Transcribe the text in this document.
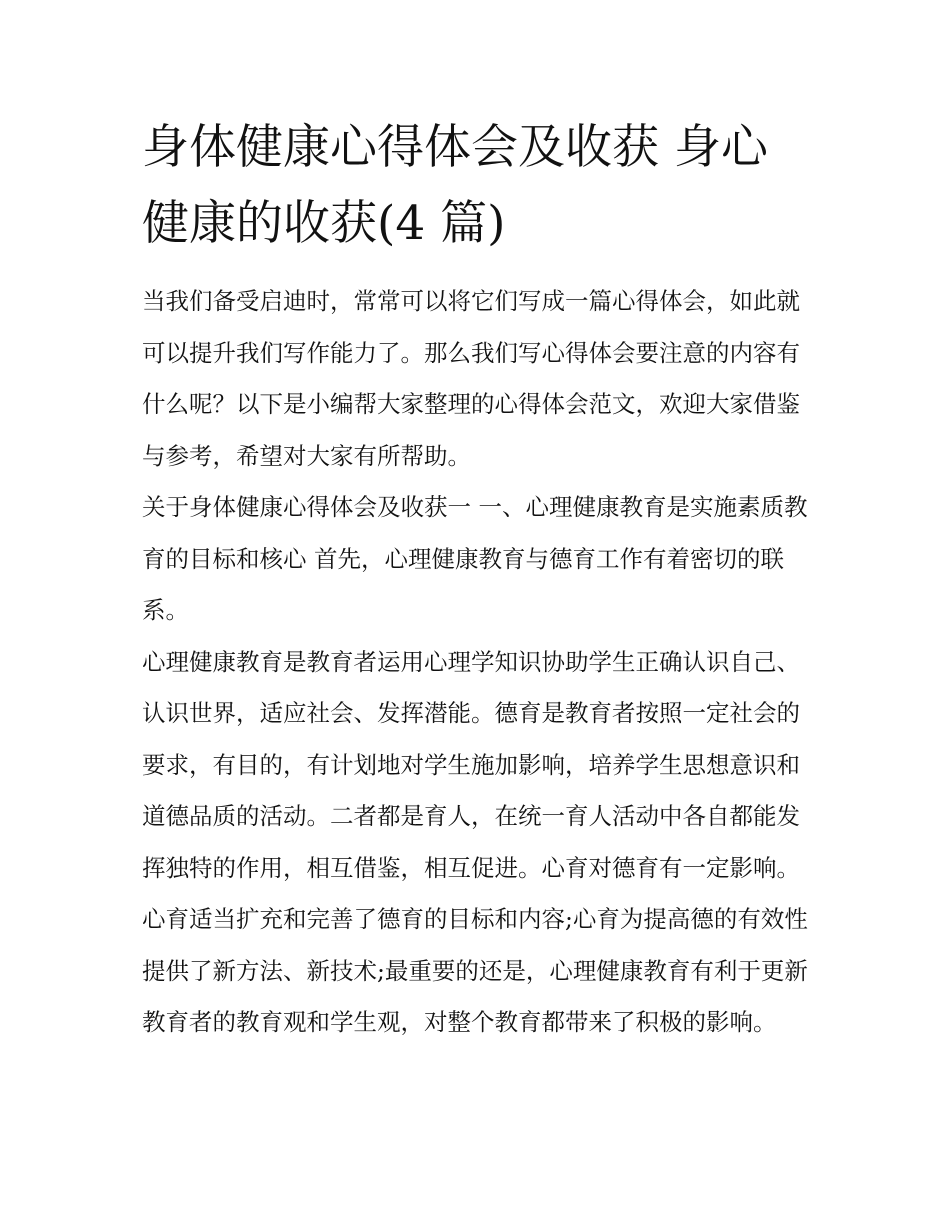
身体健康心得体会及收获 身心健康的收获(4 篇)

当我们备受启迪时，常常可以将它们写成一篇心得体会，如此就可以提升我们写作能力了。那么我们写心得体会要注意的内容有什么呢？以下是小编帮大家整理的心得体会范文，欢迎大家借鉴与参考，希望对大家有所帮助。

关于身体健康心得体会及收获一 一、心理健康教育是实施素质教育的目标和核心 首先，心理健康教育与德育工作有着密切的联系。

心理健康教育是教育者运用心理学知识协助学生正确认识自己、认识世界，适应社会、发挥潜能。德育是教育者按照一定社会的要求，有目的，有计划地对学生施加影响，培养学生思想意识和道德品质的活动。二者都是育人，在统一育人活动中各自都能发挥独特的作用，相互借鉴，相互促进。心育对德育有一定影响。心育适当扩充和完善了德育的目标和内容;心育为提高德的有效性提供了新方法、新技术;最重要的还是，心理健康教育有利于更新教育者的教育观和学生观，对整个教育都带来了积极的影响。
